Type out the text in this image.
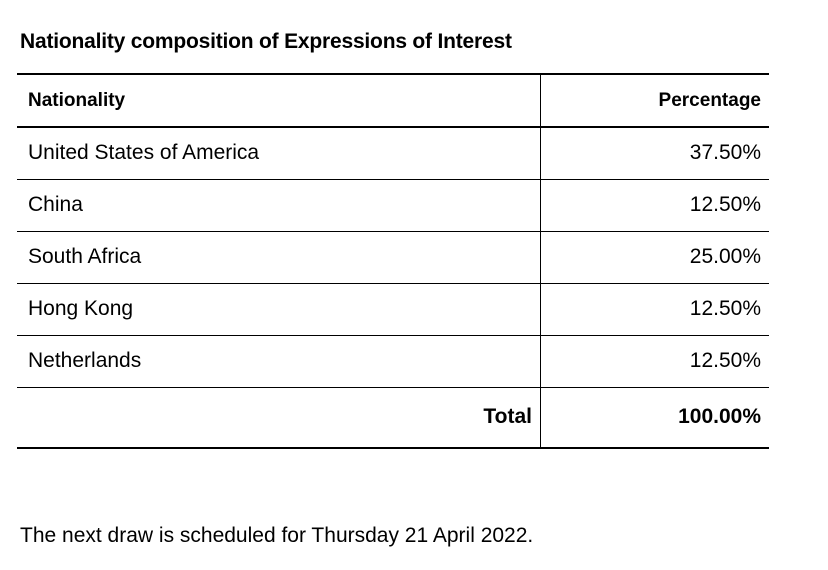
Nationality composition of Expressions of Interest
Nationality	Percentage
United States of America	37.50%
China	12.50%
South Africa	25.00%
Hong Kong	12.50%
Netherlands	12.50%
Total	100.00%
The next draw is scheduled for Thursday 21 April 2022.
